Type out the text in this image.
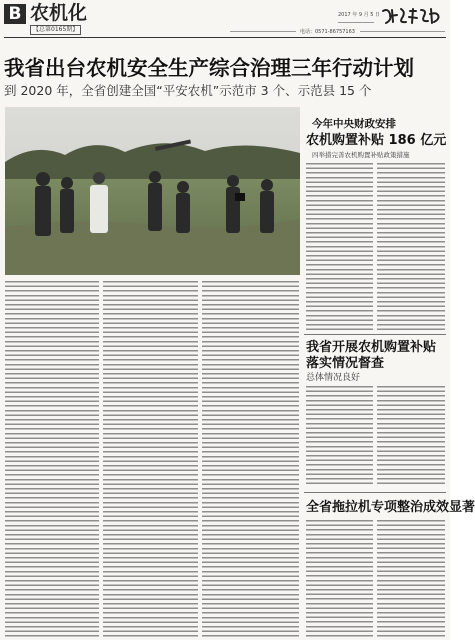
B 农机化
【总第0165期】
2017 年 9 月 5 日
电话：0571-86757163
我省出台农机安全生产综合治理三年行动计划
到 2020 年，全省创建全国“平安农机”示范市 3 个、示范县 15 个
今年中央财政安排
农机购置补贴 186 亿元
四举措完善农机购置补贴政策措施
我省开展农机购置补贴
落实情况督查
总体情况良好
全省拖拉机专项整治成效显著
